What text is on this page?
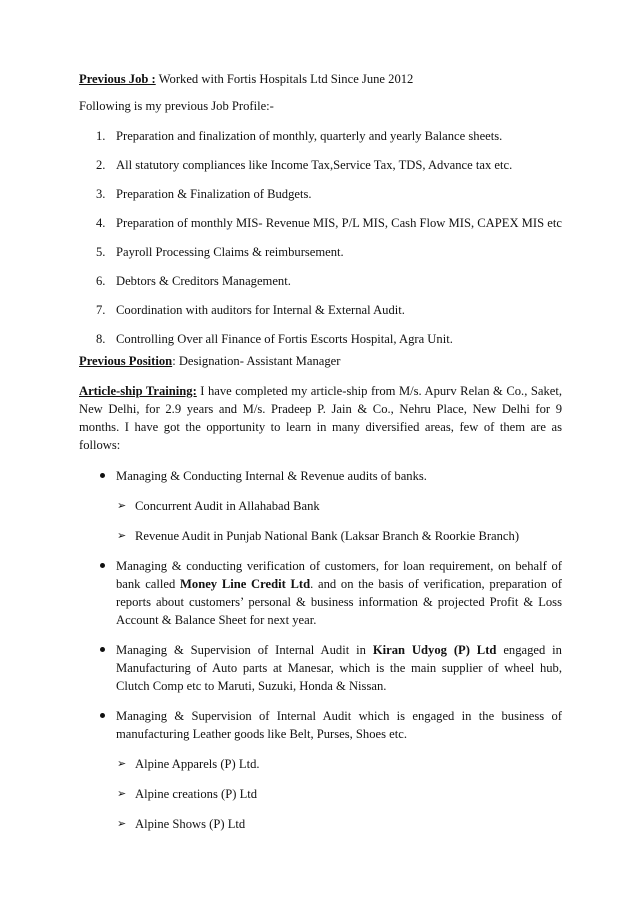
Previous Job : Worked with Fortis Hospitals Ltd Since June 2012

Following is my previous Job Profile:-

1. Preparation and finalization of monthly, quarterly and yearly Balance sheets.
2. All statutory compliances like Income Tax,Service Tax, TDS, Advance tax etc.
3. Preparation & Finalization of Budgets.
4. Preparation of monthly MIS- Revenue MIS, P/L MIS, Cash Flow MIS, CAPEX MIS etc
5. Payroll Processing Claims & reimbursement.
6. Debtors & Creditors Management.
7. Coordination with auditors for Internal & External Audit.
8. Controlling Over all Finance of Fortis Escorts Hospital, Agra Unit.

Previous Position: Designation- Assistant Manager

Article-ship Training: I have completed my article-ship from M/s. Apurv Relan & Co., Saket, New Delhi, for 2.9 years and M/s. Pradeep P. Jain & Co., Nehru Place, New Delhi for 9 months. I have got the opportunity to learn in many diversified areas, few of them are as follows:

Managing & Conducting Internal & Revenue audits of banks.
➢ Concurrent Audit in Allahabad Bank
➢ Revenue Audit in Punjab National Bank (Laksar Branch & Roorkie Branch)
Managing & conducting verification of customers, for loan requirement, on behalf of bank called Money Line Credit Ltd. and on the basis of verification, preparation of reports about customers’ personal & business information & projected Profit & Loss Account & Balance Sheet for next year.
Managing & Supervision of Internal Audit in Kiran Udyog (P) Ltd engaged in Manufacturing of Auto parts at Manesar, which is the main supplier of wheel hub, Clutch Comp etc to Maruti, Suzuki, Honda & Nissan.
Managing & Supervision of Internal Audit which is engaged in the business of manufacturing Leather goods like Belt, Purses, Shoes etc.
➢ Alpine Apparels (P) Ltd.
➢ Alpine creations (P) Ltd
➢ Alpine Shows (P) Ltd
